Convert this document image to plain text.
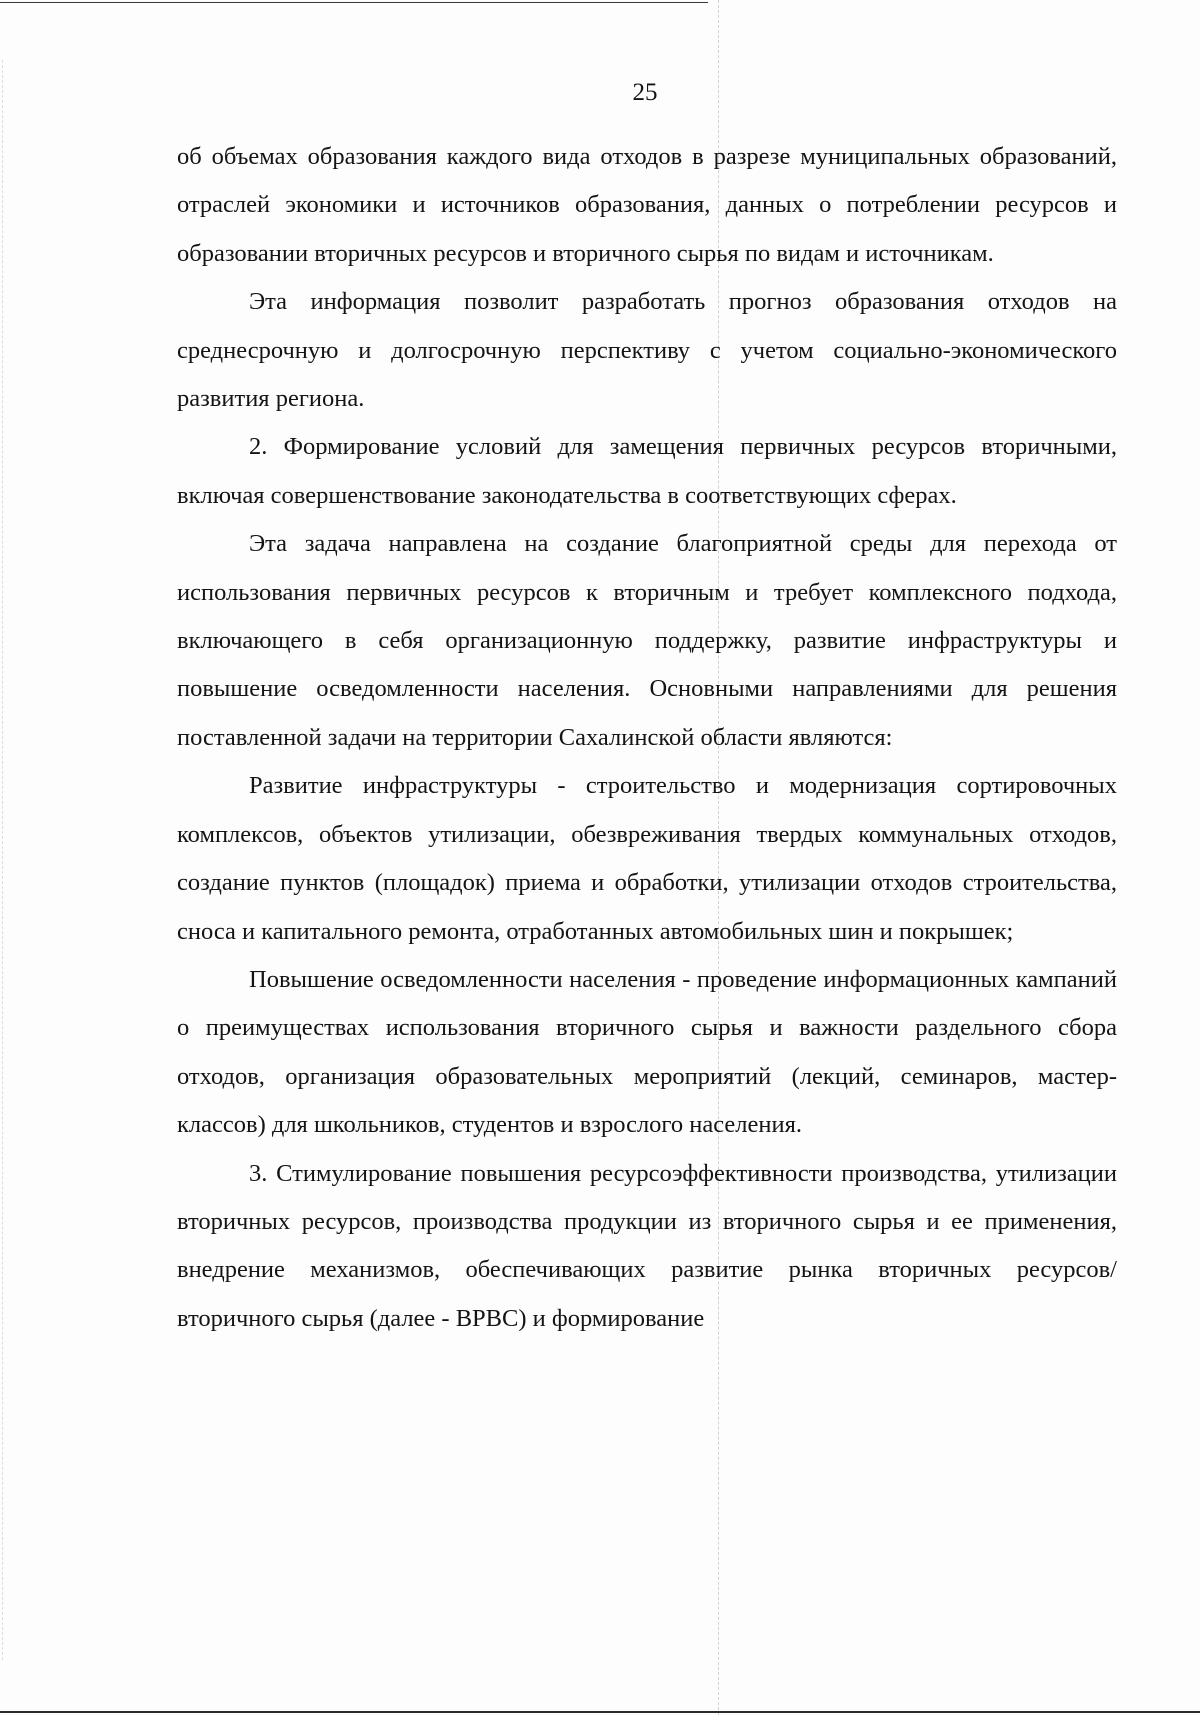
25

об объемах образования каждого вида отходов в разрезе муниципальных образований, отраслей экономики и источников образования, данных о потреблении ресурсов и образовании вторичных ресурсов и вторичного сырья по видам и источникам.

Эта информация позволит разработать прогноз образования отходов на среднесрочную и долгосрочную перспективу с учетом социально-экономического развития региона.

2. Формирование условий для замещения первичных ресурсов вторичными, включая совершенствование законодательства в соответствующих сферах.

Эта задача направлена на создание благоприятной среды для перехода от использования первичных ресурсов к вторичным и требует комплексного подхода, включающего в себя организационную поддержку, развитие инфраструктуры и повышение осведомленности населения. Основными направлениями для решения поставленной задачи на территории Сахалинской области являются:

Развитие инфраструктуры - строительство и модернизация сортировочных комплексов, объектов утилизации, обезвреживания твердых коммунальных отходов, создание пунктов (площадок) приема и обработки, утилизации отходов строительства, сноса и капитального ремонта, отработанных автомобильных шин и покрышек;

Повышение осведомленности населения - проведение информационных кампаний о преимуществах использования вторичного сырья и важности раздельного сбора отходов, организация образовательных мероприятий (лекций, семинаров, мастер-классов) для школьников, студентов и взрослого населения.

3. Стимулирование повышения ресурсоэффективности производства, утилизации вторичных ресурсов, производства продукции из вторичного сырья и ее применения, внедрение механизмов, обеспечивающих развитие рынка вторичных ресурсов/ вторичного сырья (далее - ВРВС) и формирование
